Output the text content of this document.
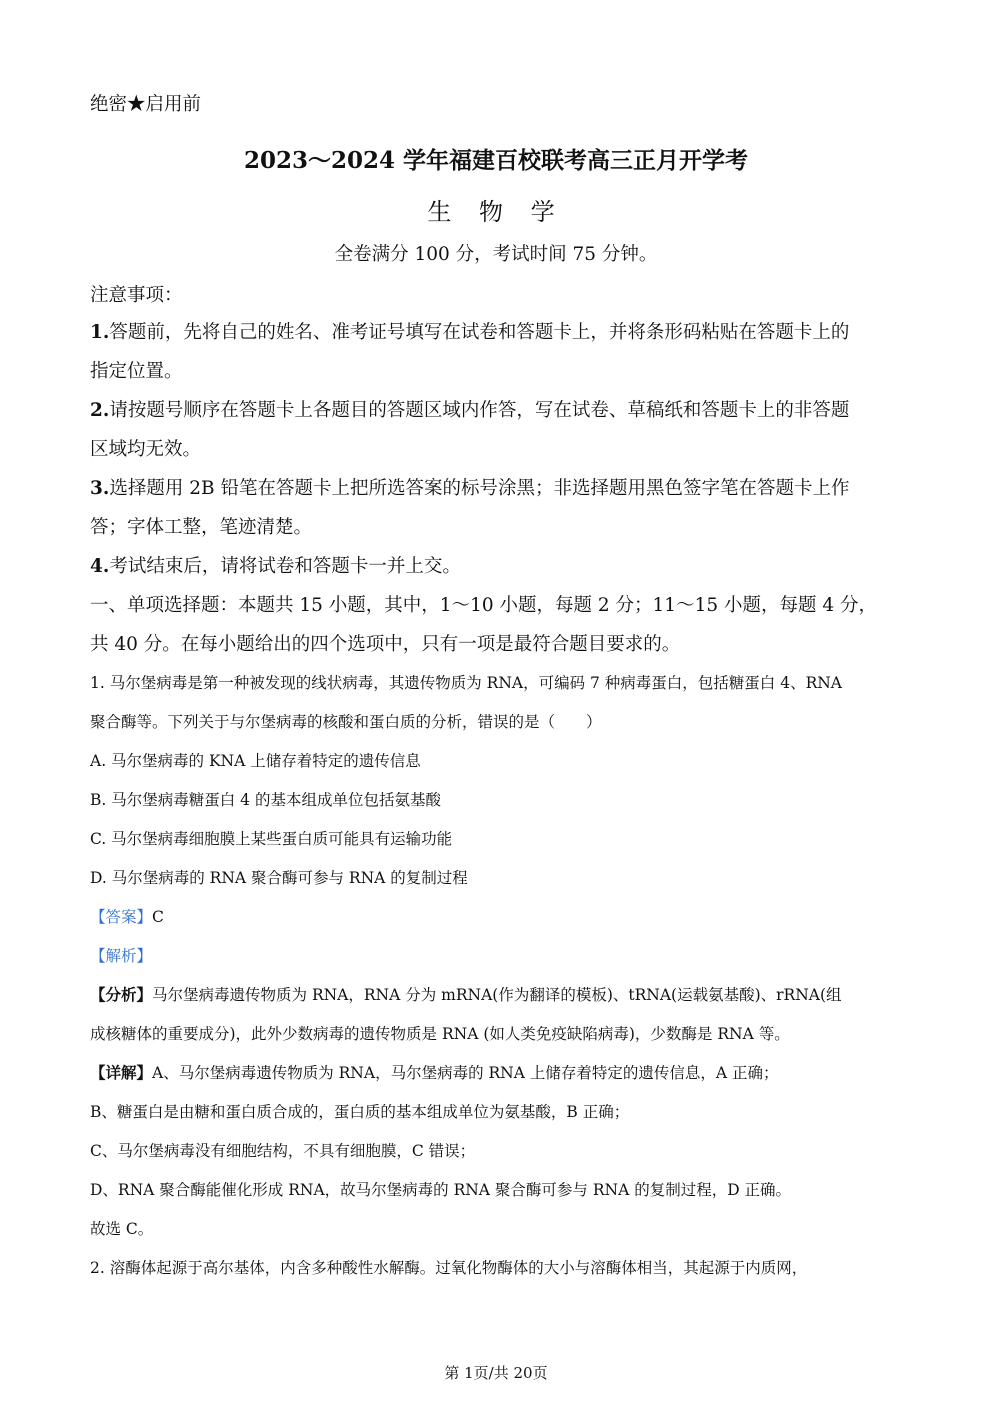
绝密★启用前
2023～2024 学年福建百校联考高三正月开学考
生 物 学
全卷满分 100 分，考试时间 75 分钟。
注意事项：
1.答题前，先将自己的姓名、准考证号填写在试卷和答题卡上，并将条形码粘贴在答题卡上的
指定位置。
2.请按题号顺序在答题卡上各题目的答题区域内作答，写在试卷、草稿纸和答题卡上的非答题
区域均无效。
3.选择题用 2B 铅笔在答题卡上把所选答案的标号涂黑；非选择题用黑色签字笔在答题卡上作
答；字体工整，笔迹清楚。
4.考试结束后，请将试卷和答题卡一并上交。
一、单项选择题：本题共 15 小题，其中，1～10 小题，每题 2 分；11～15 小题，每题 4 分，
共 40 分。在每小题给出的四个选项中，只有一项是最符合题目要求的。
1. 马尔堡病毒是第一种被发现的线状病毒，其遗传物质为 RNA，可编码 7 种病毒蛋白，包括糖蛋白 4、RNA
聚合酶等。下列关于与尔堡病毒的核酸和蛋白质的分析，错误的是（　　）
A. 马尔堡病毒的 KNA 上储存着特定的遗传信息
B. 马尔堡病毒糖蛋白 4 的基本组成单位包括氨基酸
C. 马尔堡病毒细胞膜上某些蛋白质可能具有运输功能
D. 马尔堡病毒的 RNA 聚合酶可参与 RNA 的复制过程
【答案】C
【解析】
【分析】马尔堡病毒遗传物质为 RNA，RNA 分为 mRNA(作为翻译的模板)、tRNA(运载氨基酸)、rRNA(组
成核糖体的重要成分)，此外少数病毒的遗传物质是 RNA (如人类免疫缺陷病毒)，少数酶是 RNA 等。
【详解】A、马尔堡病毒遗传物质为 RNA，马尔堡病毒的 RNA 上储存着特定的遗传信息，A 正确；
B、糖蛋白是由糖和蛋白质合成的，蛋白质的基本组成单位为氨基酸，B 正确；
C、马尔堡病毒没有细胞结构，不具有细胞膜，C 错误；
D、RNA 聚合酶能催化形成 RNA，故马尔堡病毒的 RNA 聚合酶可参与 RNA 的复制过程，D 正确。
故选 C。
2. 溶酶体起源于高尔基体，内含多种酸性水解酶。过氧化物酶体的大小与溶酶体相当，其起源于内质网，
第 1页/共 20页
